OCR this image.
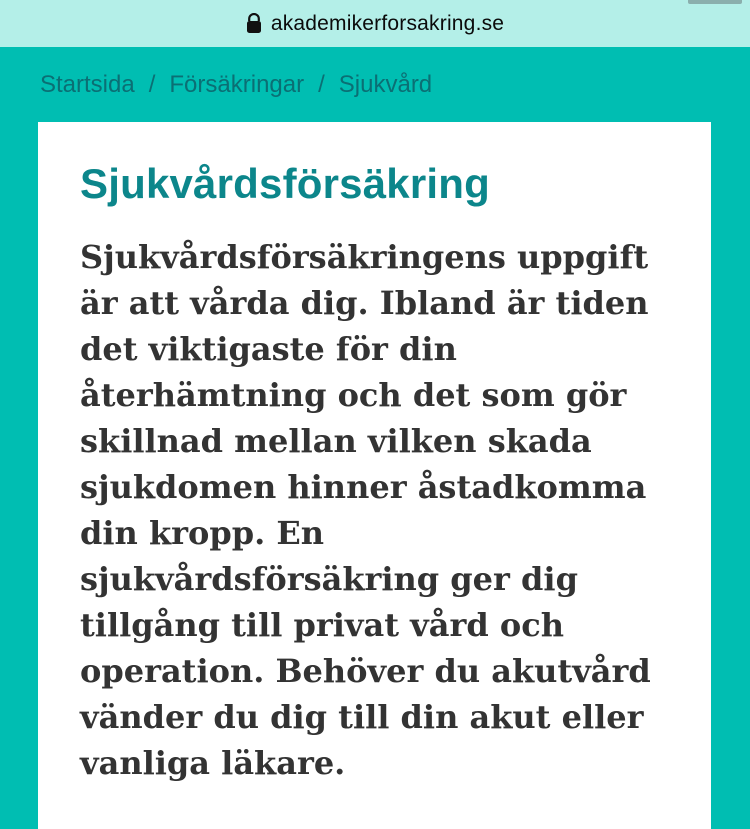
akademikerforsakring.se
Startsida / Försäkringar / Sjukvård
Sjukvårdsförsäkring

Sjukvårdsförsäkringens uppgift är att vårda dig. Ibland är tiden det viktigaste för din återhämtning och det som gör skillnad mellan vilken skada sjukdomen hinner åstadkomma din kropp. En sjukvårdsförsäkring ger dig tillgång till privat vård och operation. Behöver du akutvård vänder du dig till din akut eller vanliga läkare.
